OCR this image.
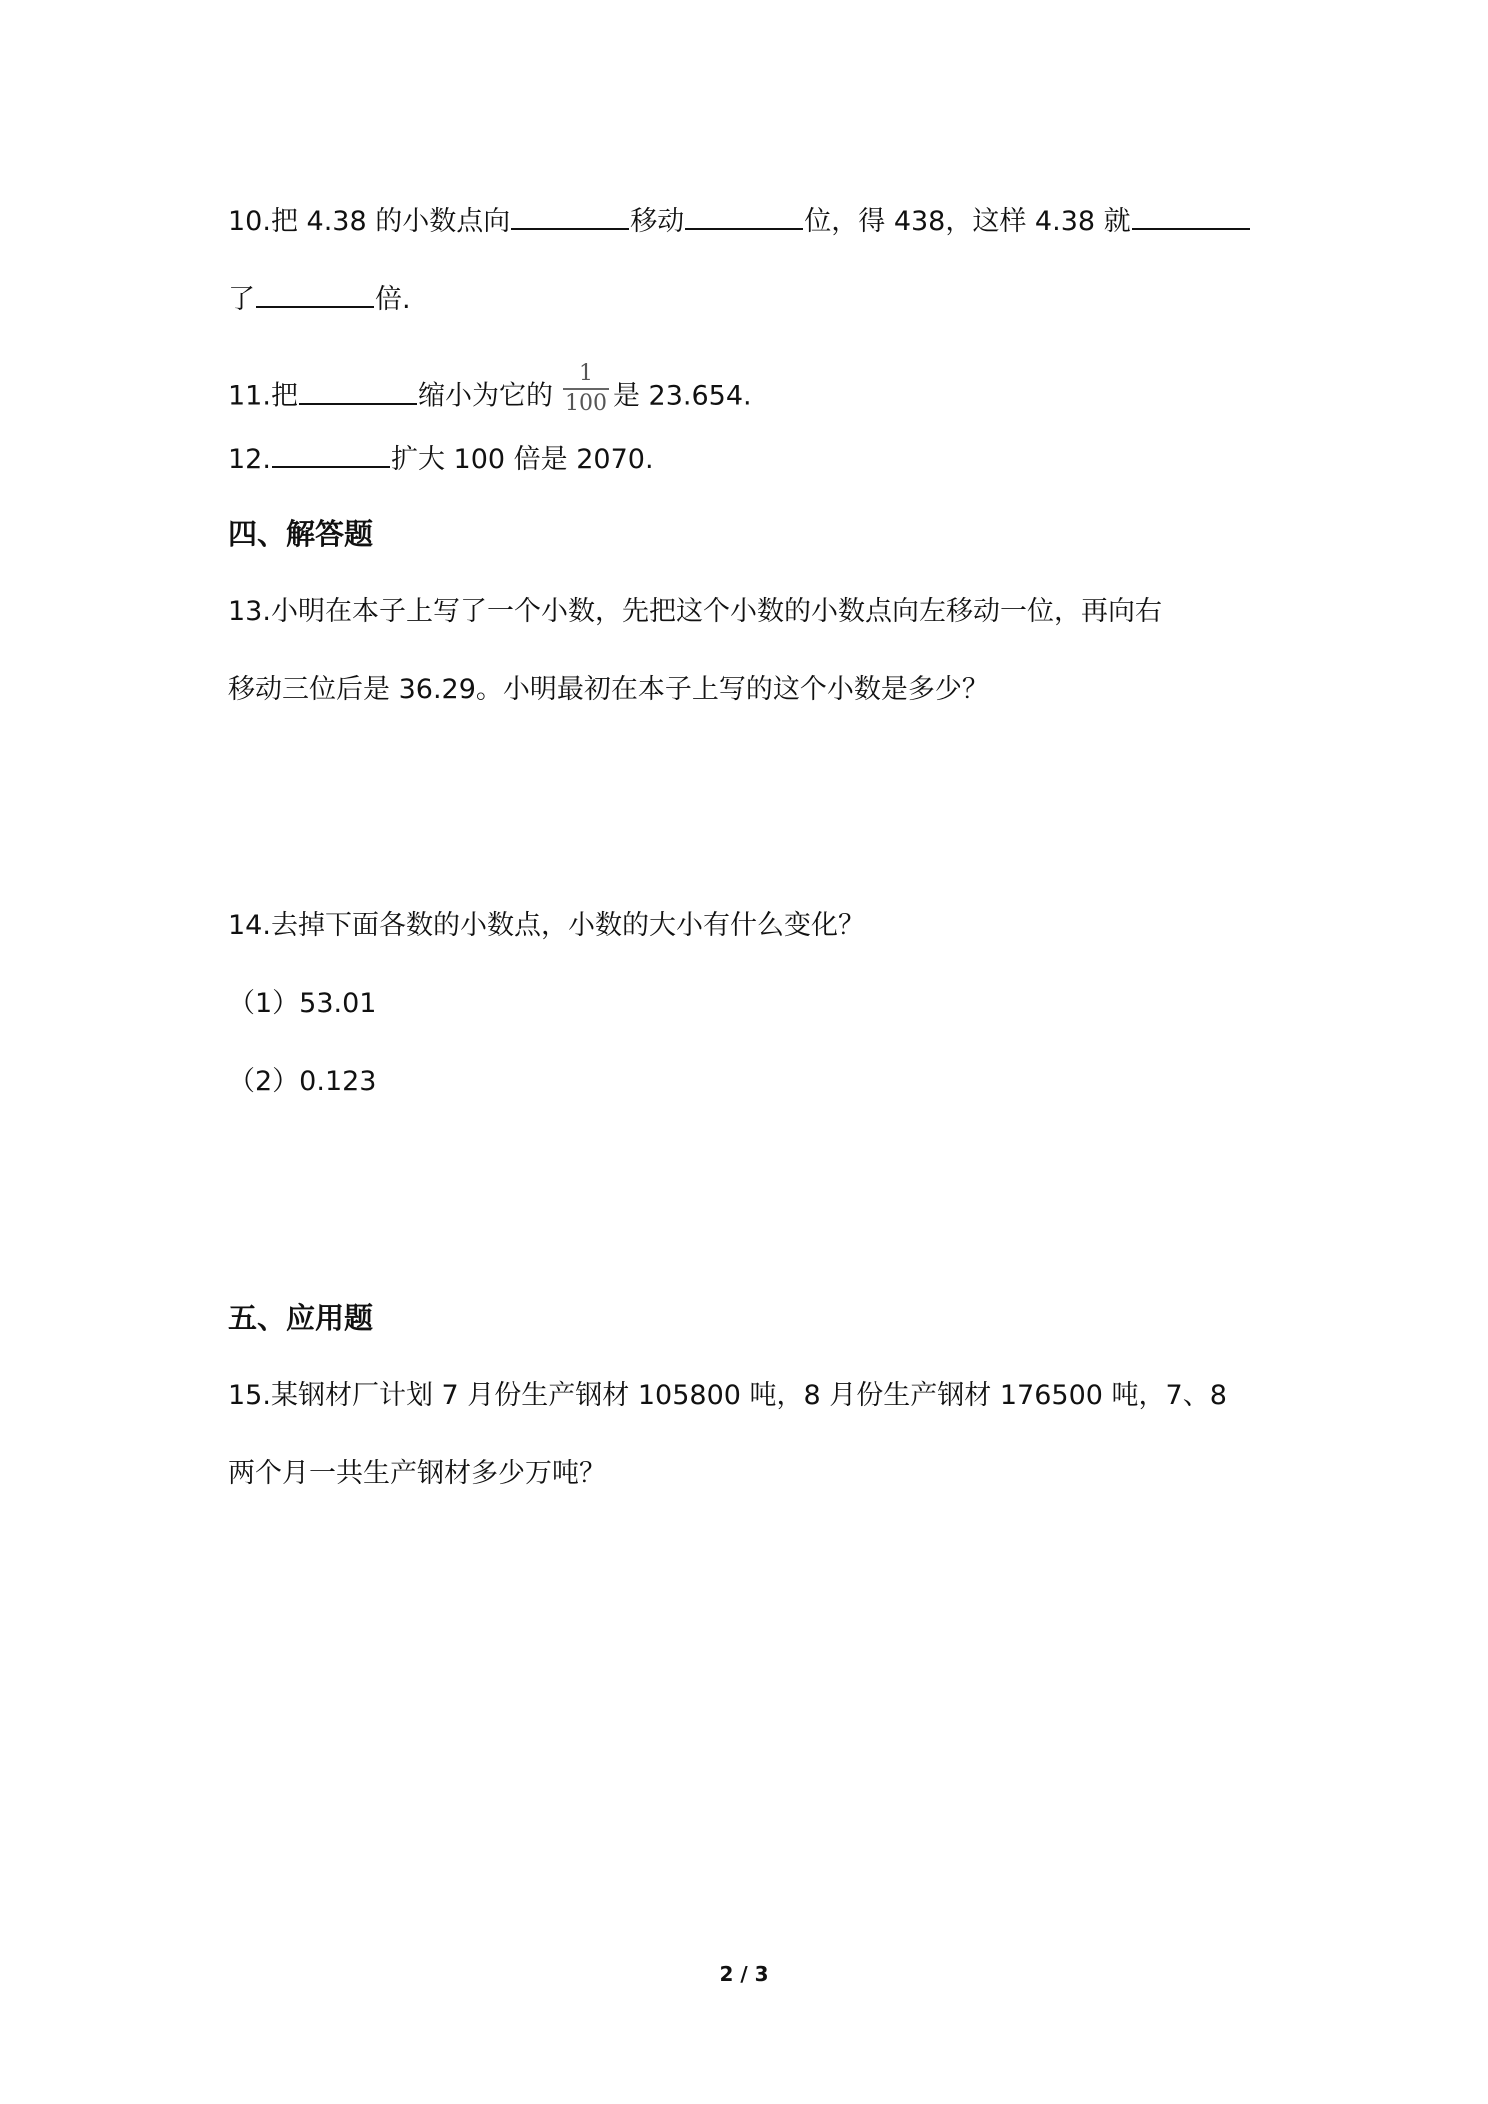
10.把 4.38 的小数点向	移动	位，得 438，这样 4.38 就
了	倍.
11.把	缩小为它的 $\frac{1}{100}$ 是 23.654.
12.	扩大 100 倍是 2070.
四、解答题
13.小明在本子上写了一个小数，先把这个小数的小数点向左移动一位，再向右
移动三位后是 36.29。小明最初在本子上写的这个小数是多少？
14.去掉下面各数的小数点，小数的大小有什么变化？
（1）53.01
（2）0.123
五、应用题
15.某钢材厂计划 7 月份生产钢材 105800 吨，8 月份生产钢材 176500 吨，7、8
两个月一共生产钢材多少万吨？
2 / 3
